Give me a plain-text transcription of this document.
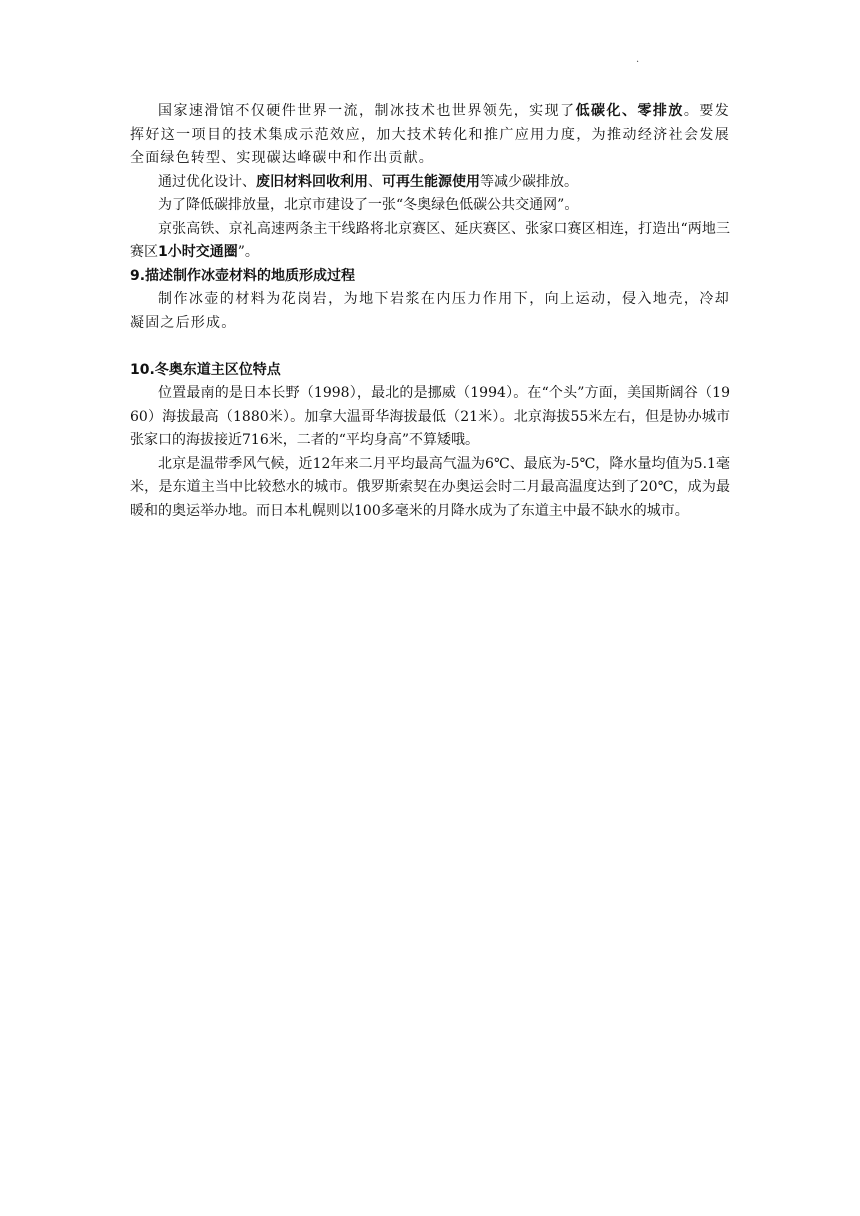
·

国家速滑馆不仅硬件世界一流，制冰技术也世界领先，实现了低碳化、零排放。要发挥好这一项目的技术集成示范效应，加大技术转化和推广应用力度，为推动经济社会发展全面绿色转型、实现碳达峰碳中和作出贡献。

通过优化设计、废旧材料回收利用、可再生能源使用等减少碳排放。

为了降低碳排放量，北京市建设了一张“冬奥绿色低碳公共交通网”。

京张高铁、京礼高速两条主干线路将北京赛区、延庆赛区、张家口赛区相连，打造出“两地三赛区1小时交通圈”。

9.描述制作冰壶材料的地质形成过程

制作冰壶的材料为花岗岩，为地下岩浆在内压力作用下，向上运动，侵入地壳，冷却凝固之后形成。

10.冬奥东道主区位特点

位置最南的是日本长野（1998），最北的是挪威（1994）。在“个头”方面，美国斯阔谷（1960）海拔最高（1880米）。加拿大温哥华海拔最低（21米）。北京海拔55米左右，但是协办城市张家口的海拔接近716米，二者的“平均身高”不算矮哦。

北京是温带季风气候，近12年来二月平均最高气温为6℃、最底为-5℃，降水量均值为5.1毫米，是东道主当中比较愁水的城市。俄罗斯索契在办奥运会时二月最高温度达到了20℃，成为最暖和的奥运举办地。而日本札幌则以100多毫米的月降水成为了东道主中最不缺水的城市。
